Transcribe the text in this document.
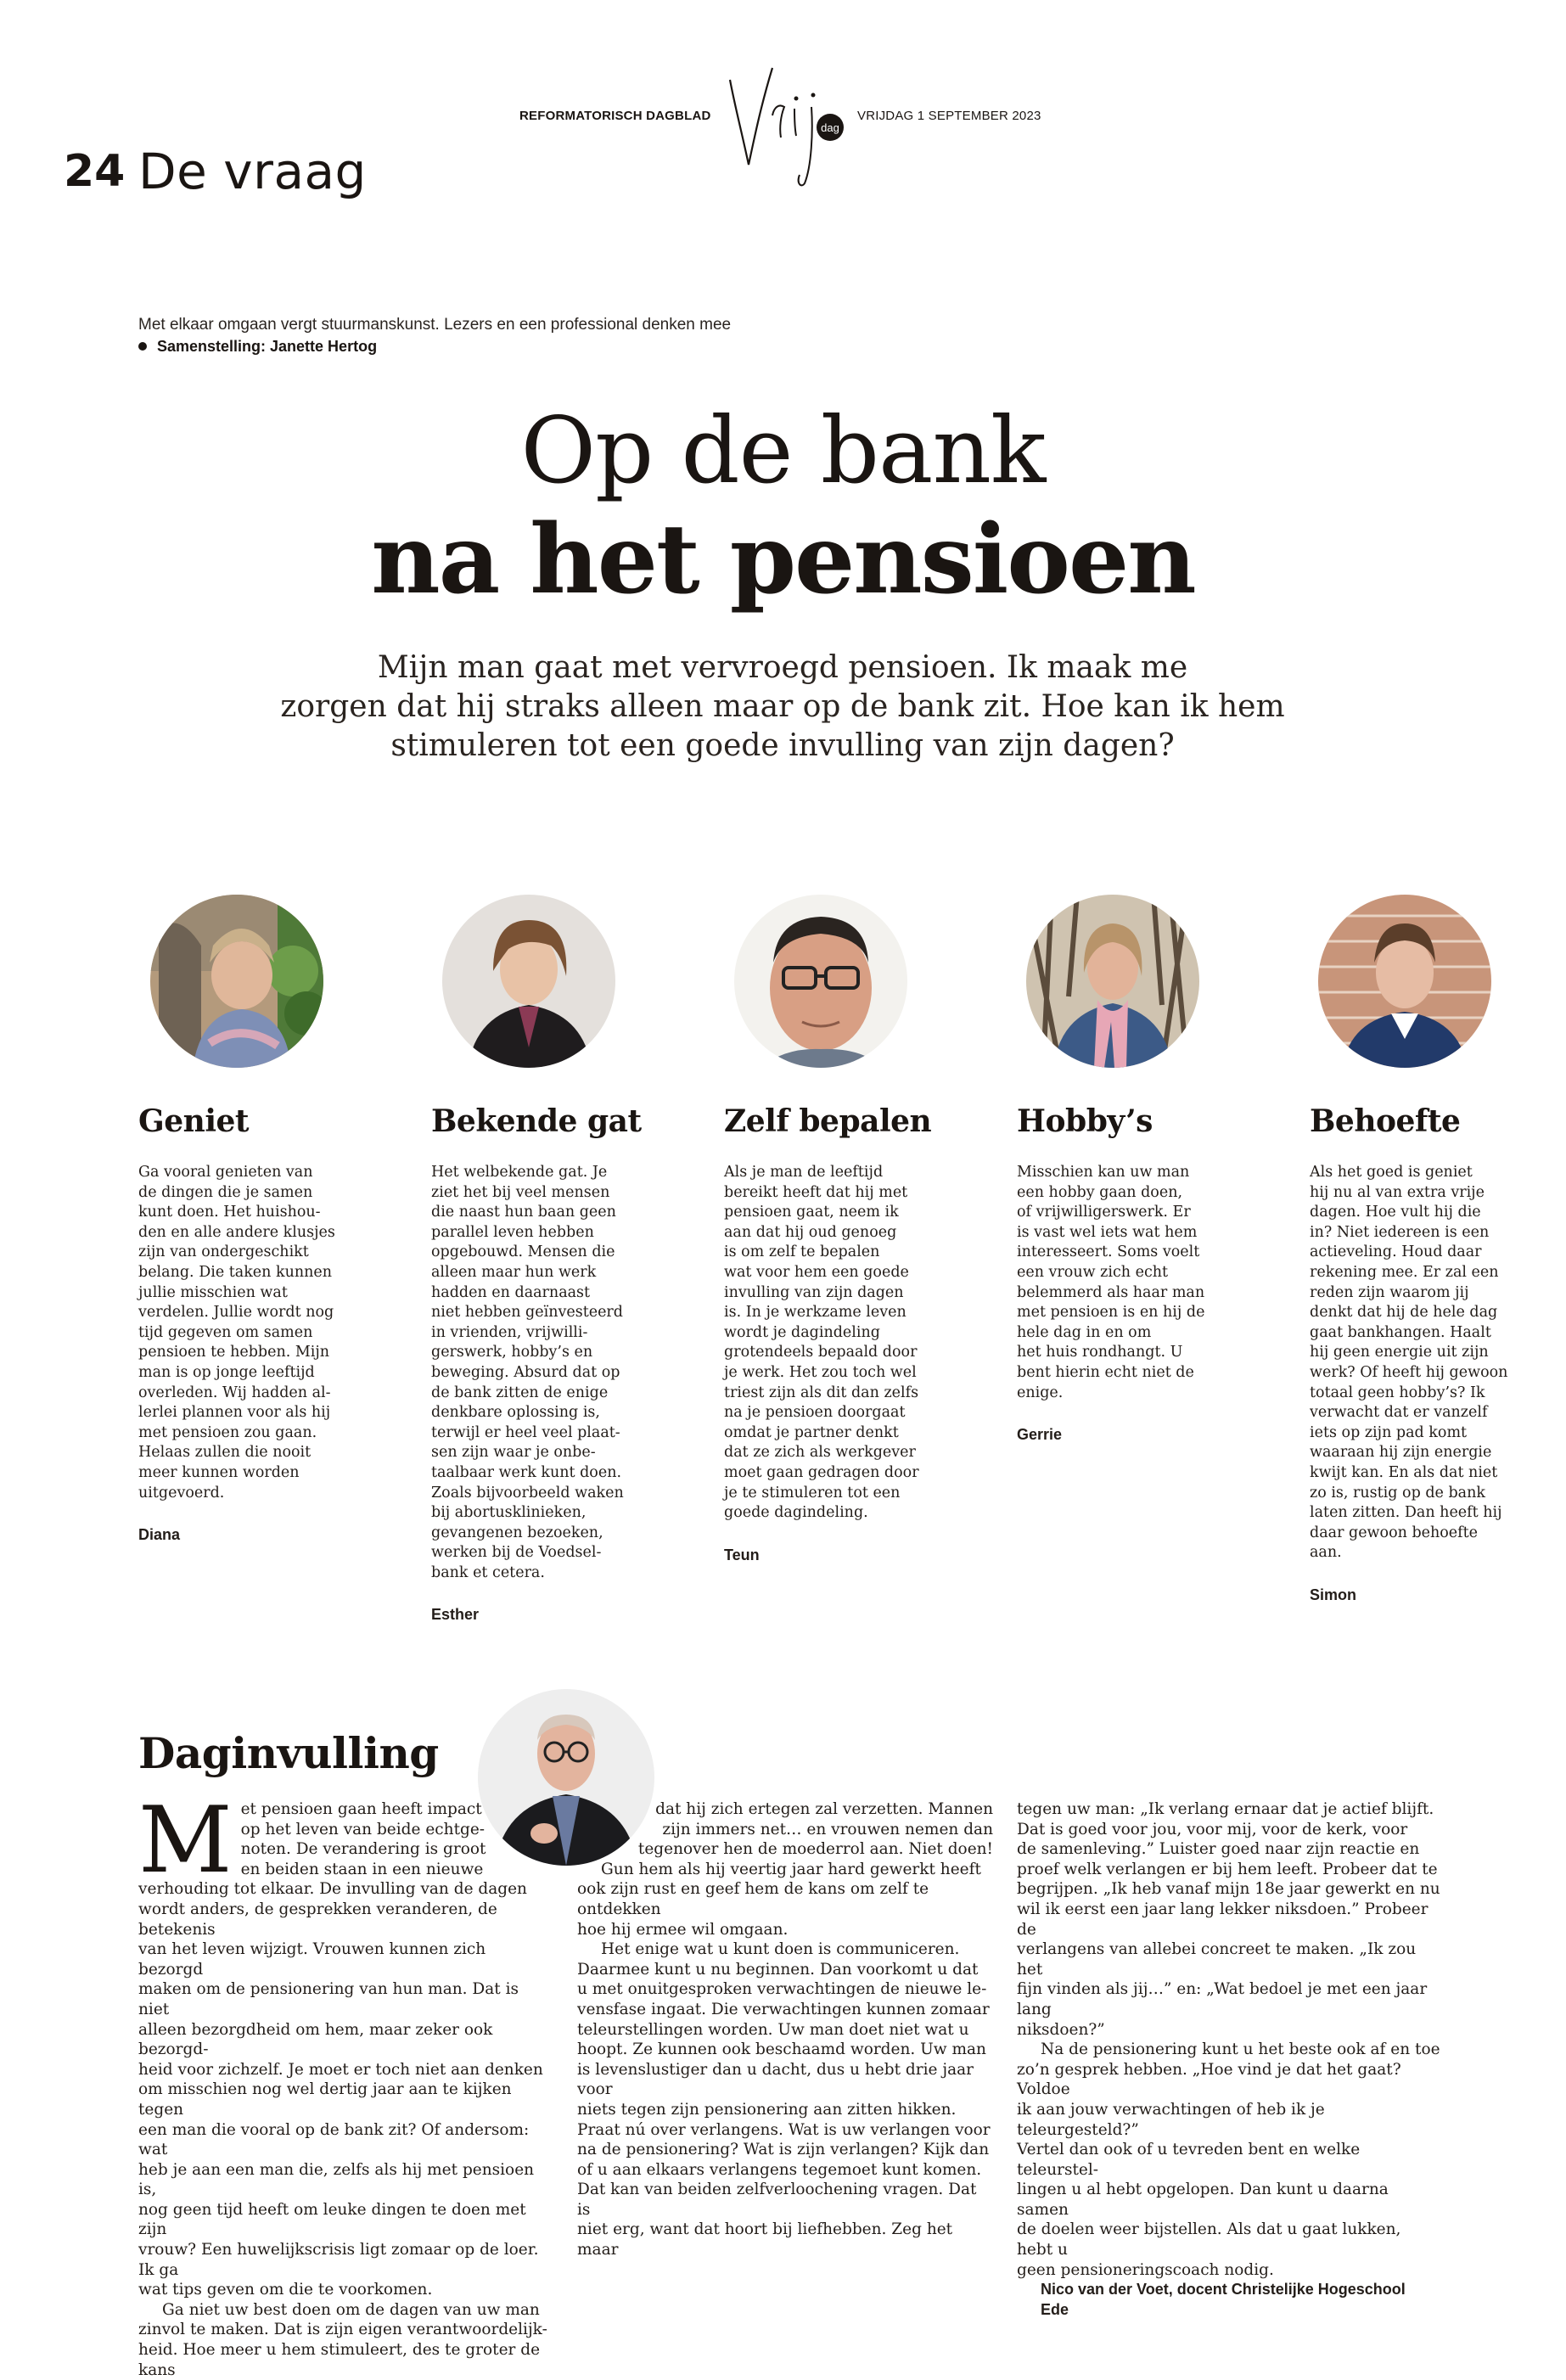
REFORMATORISCH DAGBLAD
dag
VRIJDAG 1 SEPTEMBER 2023
24 De vraag
Met elkaar omgaan vergt stuurmanskunst. Lezers en een professional denken mee
Samenstelling: Janette Hertog
Op de bank
na het pensioen
Mijn man gaat met vervroegd pensioen. Ik maak me
zorgen dat hij straks alleen maar op de bank zit. Hoe kan ik hem
stimuleren tot een goede invulling van zijn dagen?
Geniet
Ga vooral genieten van
de dingen die je samen
kunt doen. Het huishou-
den en alle andere klusjes
zijn van ondergeschikt
belang. Die taken kunnen
jullie misschien wat
verdelen. Jullie wordt nog
tijd gegeven om samen
pensioen te hebben. Mijn
man is op jonge leeftijd
overleden. Wij hadden al-
lerlei plannen voor als hij
met pensioen zou gaan.
Helaas zullen die nooit
meer kunnen worden
uitgevoerd.
Diana
Bekende gat
Het welbekende gat. Je
ziet het bij veel mensen
die naast hun baan geen
parallel leven hebben
opgebouwd. Mensen die
alleen maar hun werk
hadden en daarnaast
niet hebben geïnvesteerd
in vrienden, vrijwilli-
gerswerk, hobby’s en
beweging. Absurd dat op
de bank zitten de enige
denkbare oplossing is,
terwijl er heel veel plaat-
sen zijn waar je onbe-
taalbaar werk kunt doen.
Zoals bijvoorbeeld waken
bij abortusklinieken,
gevangenen bezoeken,
werken bij de Voedsel-
bank et cetera.
Esther
Zelf bepalen
Als je man de leeftijd
bereikt heeft dat hij met
pensioen gaat, neem ik
aan dat hij oud genoeg
is om zelf te bepalen
wat voor hem een goede
invulling van zijn dagen
is. In je werkzame leven
wordt je dagindeling
grotendeels bepaald door
je werk. Het zou toch wel
triest zijn als dit dan zelfs
na je pensioen doorgaat
omdat je partner denkt
dat ze zich als werkgever
moet gaan gedragen door
je te stimuleren tot een
goede dagindeling.
Teun
Hobby’s
Misschien kan uw man
een hobby gaan doen,
of vrijwilligerswerk. Er
is vast wel iets wat hem
interesseert. Soms voelt
een vrouw zich echt
belemmerd als haar man
met pensioen is en hij de
hele dag in en om
het huis rondhangt. U
bent hierin echt niet de
enige.
Gerrie
Behoefte
Als het goed is geniet
hij nu al van extra vrije
dagen. Hoe vult hij die
in? Niet iedereen is een
actieveling. Houd daar
rekening mee. Er zal een
reden zijn waarom jij
denkt dat hij de hele dag
gaat bankhangen. Haalt
hij geen energie uit zijn
werk? Of heeft hij gewoon
totaal geen hobby’s? Ik
verwacht dat er vanzelf
iets op zijn pad komt
waaraan hij zijn energie
kwijt kan. En als dat niet
zo is, rustig op de bank
laten zitten. Dan heeft hij
daar gewoon behoefte
aan.
Simon
Daginvulling

M et pensioen gaan heeft impact
op het leven van beide echtge-
noten. De verandering is groot
en beiden staan in een nieuwe
verhouding tot elkaar. De invulling van de dagen
wordt anders, de gesprekken veranderen, de betekenis
van het leven wijzigt. Vrouwen kunnen zich bezorgd
maken om de pensionering van hun man. Dat is niet
alleen bezorgdheid om hem, maar zeker ook bezorgd-
heid voor zichzelf. Je moet er toch niet aan denken
om misschien nog wel dertig jaar aan te kijken tegen
een man die vooral op de bank zit? Of andersom: wat
heb je aan een man die, zelfs als hij met pensioen is,
nog geen tijd heeft om leuke dingen te doen met zijn
vrouw? Een huwelijkscrisis ligt zomaar op de loer. Ik ga
wat tips geven om die te voorkomen.

Ga niet uw best doen om de dagen van uw man

zinvol te maken. Dat is zijn eigen verantwoordelijk-
heid. Hoe meer u hem stimuleert, des te groter de kans

dat hij zich ertegen zal verzetten. Mannen
zijn immers net… en vrouwen nemen dan
tegenover hen de moederrol aan. Niet doen!

Gun hem als hij veertig jaar hard gewerkt heeft

ook zijn rust en geef hem de kans om zelf te ontdekken
hoe hij ermee wil omgaan.

Het enige wat u kunt doen is communiceren.

Daarmee kunt u nu beginnen. Dan voorkomt u dat
u met onuitgesproken verwachtingen de nieuwe le-
vensfase ingaat. Die verwachtingen kunnen zomaar
teleurstellingen worden. Uw man doet niet wat u
hoopt. Ze kunnen ook beschaamd worden. Uw man
is levenslustiger dan u dacht, dus u hebt drie jaar voor
niets tegen zijn pensionering aan zitten hikken.
Praat nú over verlangens. Wat is uw verlangen voor
na de pensionering? Wat is zijn verlangen? Kijk dan
of u aan elkaars verlangens tegemoet kunt komen.
Dat kan van beiden zelfverloochening vragen. Dat is
niet erg, want dat hoort bij liefhebben. Zeg het maar

tegen uw man: „Ik verlang ernaar dat je actief blijft.
Dat is goed voor jou, voor mij, voor de kerk, voor
de samenleving.” Luister goed naar zijn reactie en
proef welk verlangen er bij hem leeft. Probeer dat te
begrijpen. „Ik heb vanaf mijn 18e jaar gewerkt en nu
wil ik eerst een jaar lang lekker niksdoen.” Probeer de
verlangens van allebei concreet te maken. „Ik zou het
fijn vinden als jij…” en: „Wat bedoel je met een jaar lang
niksdoen?”

Na de pensionering kunt u het beste ook af en toe

zo’n gesprek hebben. „Hoe vind je dat het gaat? Voldoe
ik aan jouw verwachtingen of heb ik je teleurgesteld?”
Vertel dan ook of u tevreden bent en welke teleurstel-
lingen u al hebt opgelopen. Dan kunt u daarna samen
de doelen weer bijstellen. Als dat u gaat lukken, hebt u
geen pensioneringscoach nodig.

Nico van der Voet, docent Christelijke Hogeschool
Ede
